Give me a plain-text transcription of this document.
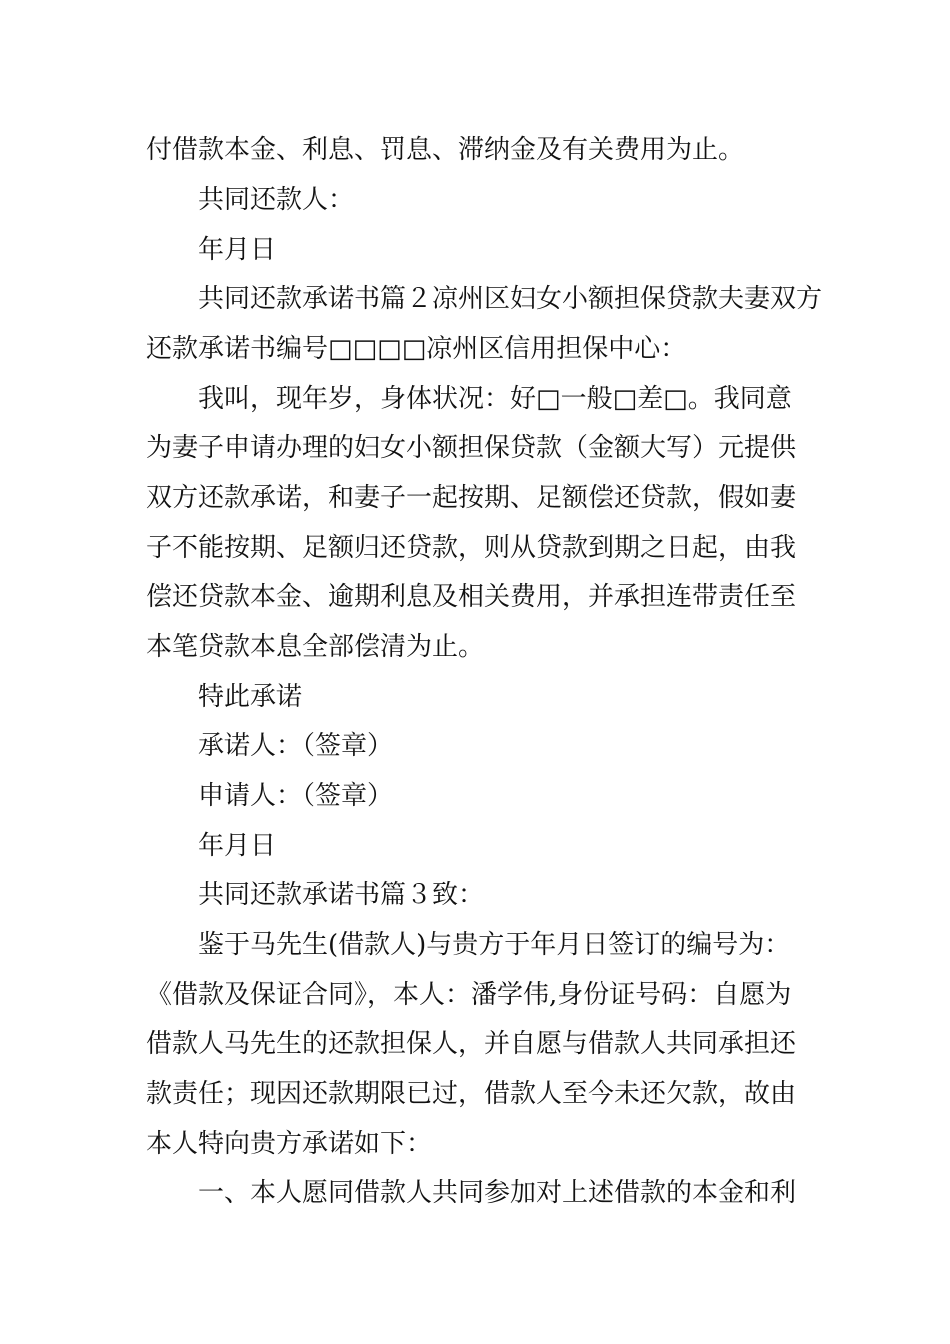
付借款本金、利息、罚息、滞纳金及有关费用为止。

共同还款人：

年月日

共同还款承诺书篇２凉州区妇女小额担保贷款夫妻双方

还款承诺书编号□□□□凉州区信用担保中心：

我叫，现年岁，身体状况：好□一般□差□。我同意

为妻子申请办理的妇女小额担保贷款（金额大写）元提供

双方还款承诺，和妻子一起按期、足额偿还贷款，假如妻

子不能按期、足额归还贷款，则从贷款到期之日起，由我

偿还贷款本金、逾期利息及相关费用，并承担连带责任至

本笔贷款本息全部偿清为止。

特此承诺

承诺人：（签章）

申请人：（签章）

年月日

共同还款承诺书篇３致：

鉴于马先生(借款人)与贵方于年月日签订的编号为：

《借款及保证合同》，本人：潘学伟,身份证号码：自愿为

借款人马先生的还款担保人，并自愿与借款人共同承担还

款责任；现因还款期限已过，借款人至今未还欠款，故由

本人特向贵方承诺如下：

一、本人愿同借款人共同参加对上述借款的本金和利
